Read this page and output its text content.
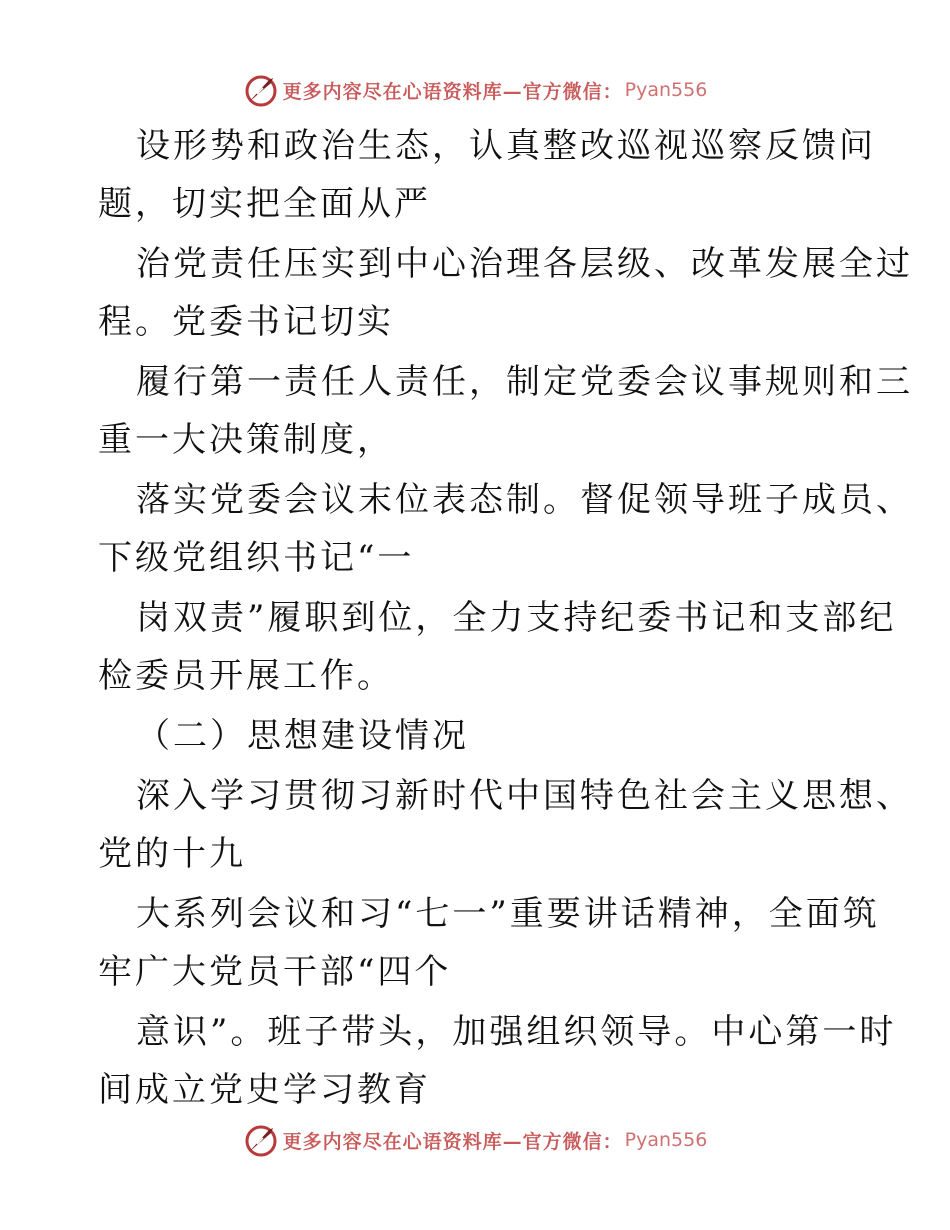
更多内容尽在心语资料库—官方微信： Pyan556
设形势和政治生态，认真整改巡视巡察反馈问
题，切实把全面从严
治党责任压实到中心治理各层级、改革发展全过
程。党委书记切实
履行第一责任人责任，制定党委会议事规则和三
重一大决策制度，
落实党委会议末位表态制。督促领导班子成员、
下级党组织书记“一
岗双责”履职到位，全力支持纪委书记和支部纪
检委员开展工作。
（二）思想建设情况
深入学习贯彻习新时代中国特色社会主义思想、
党的十九
大系列会议和习“七一”重要讲话精神，全面筑
牢广大党员干部“四个
意识”。班子带头，加强组织领导。中心第一时
间成立党史学习教育
更多内容尽在心语资料库—官方微信： Pyan556
